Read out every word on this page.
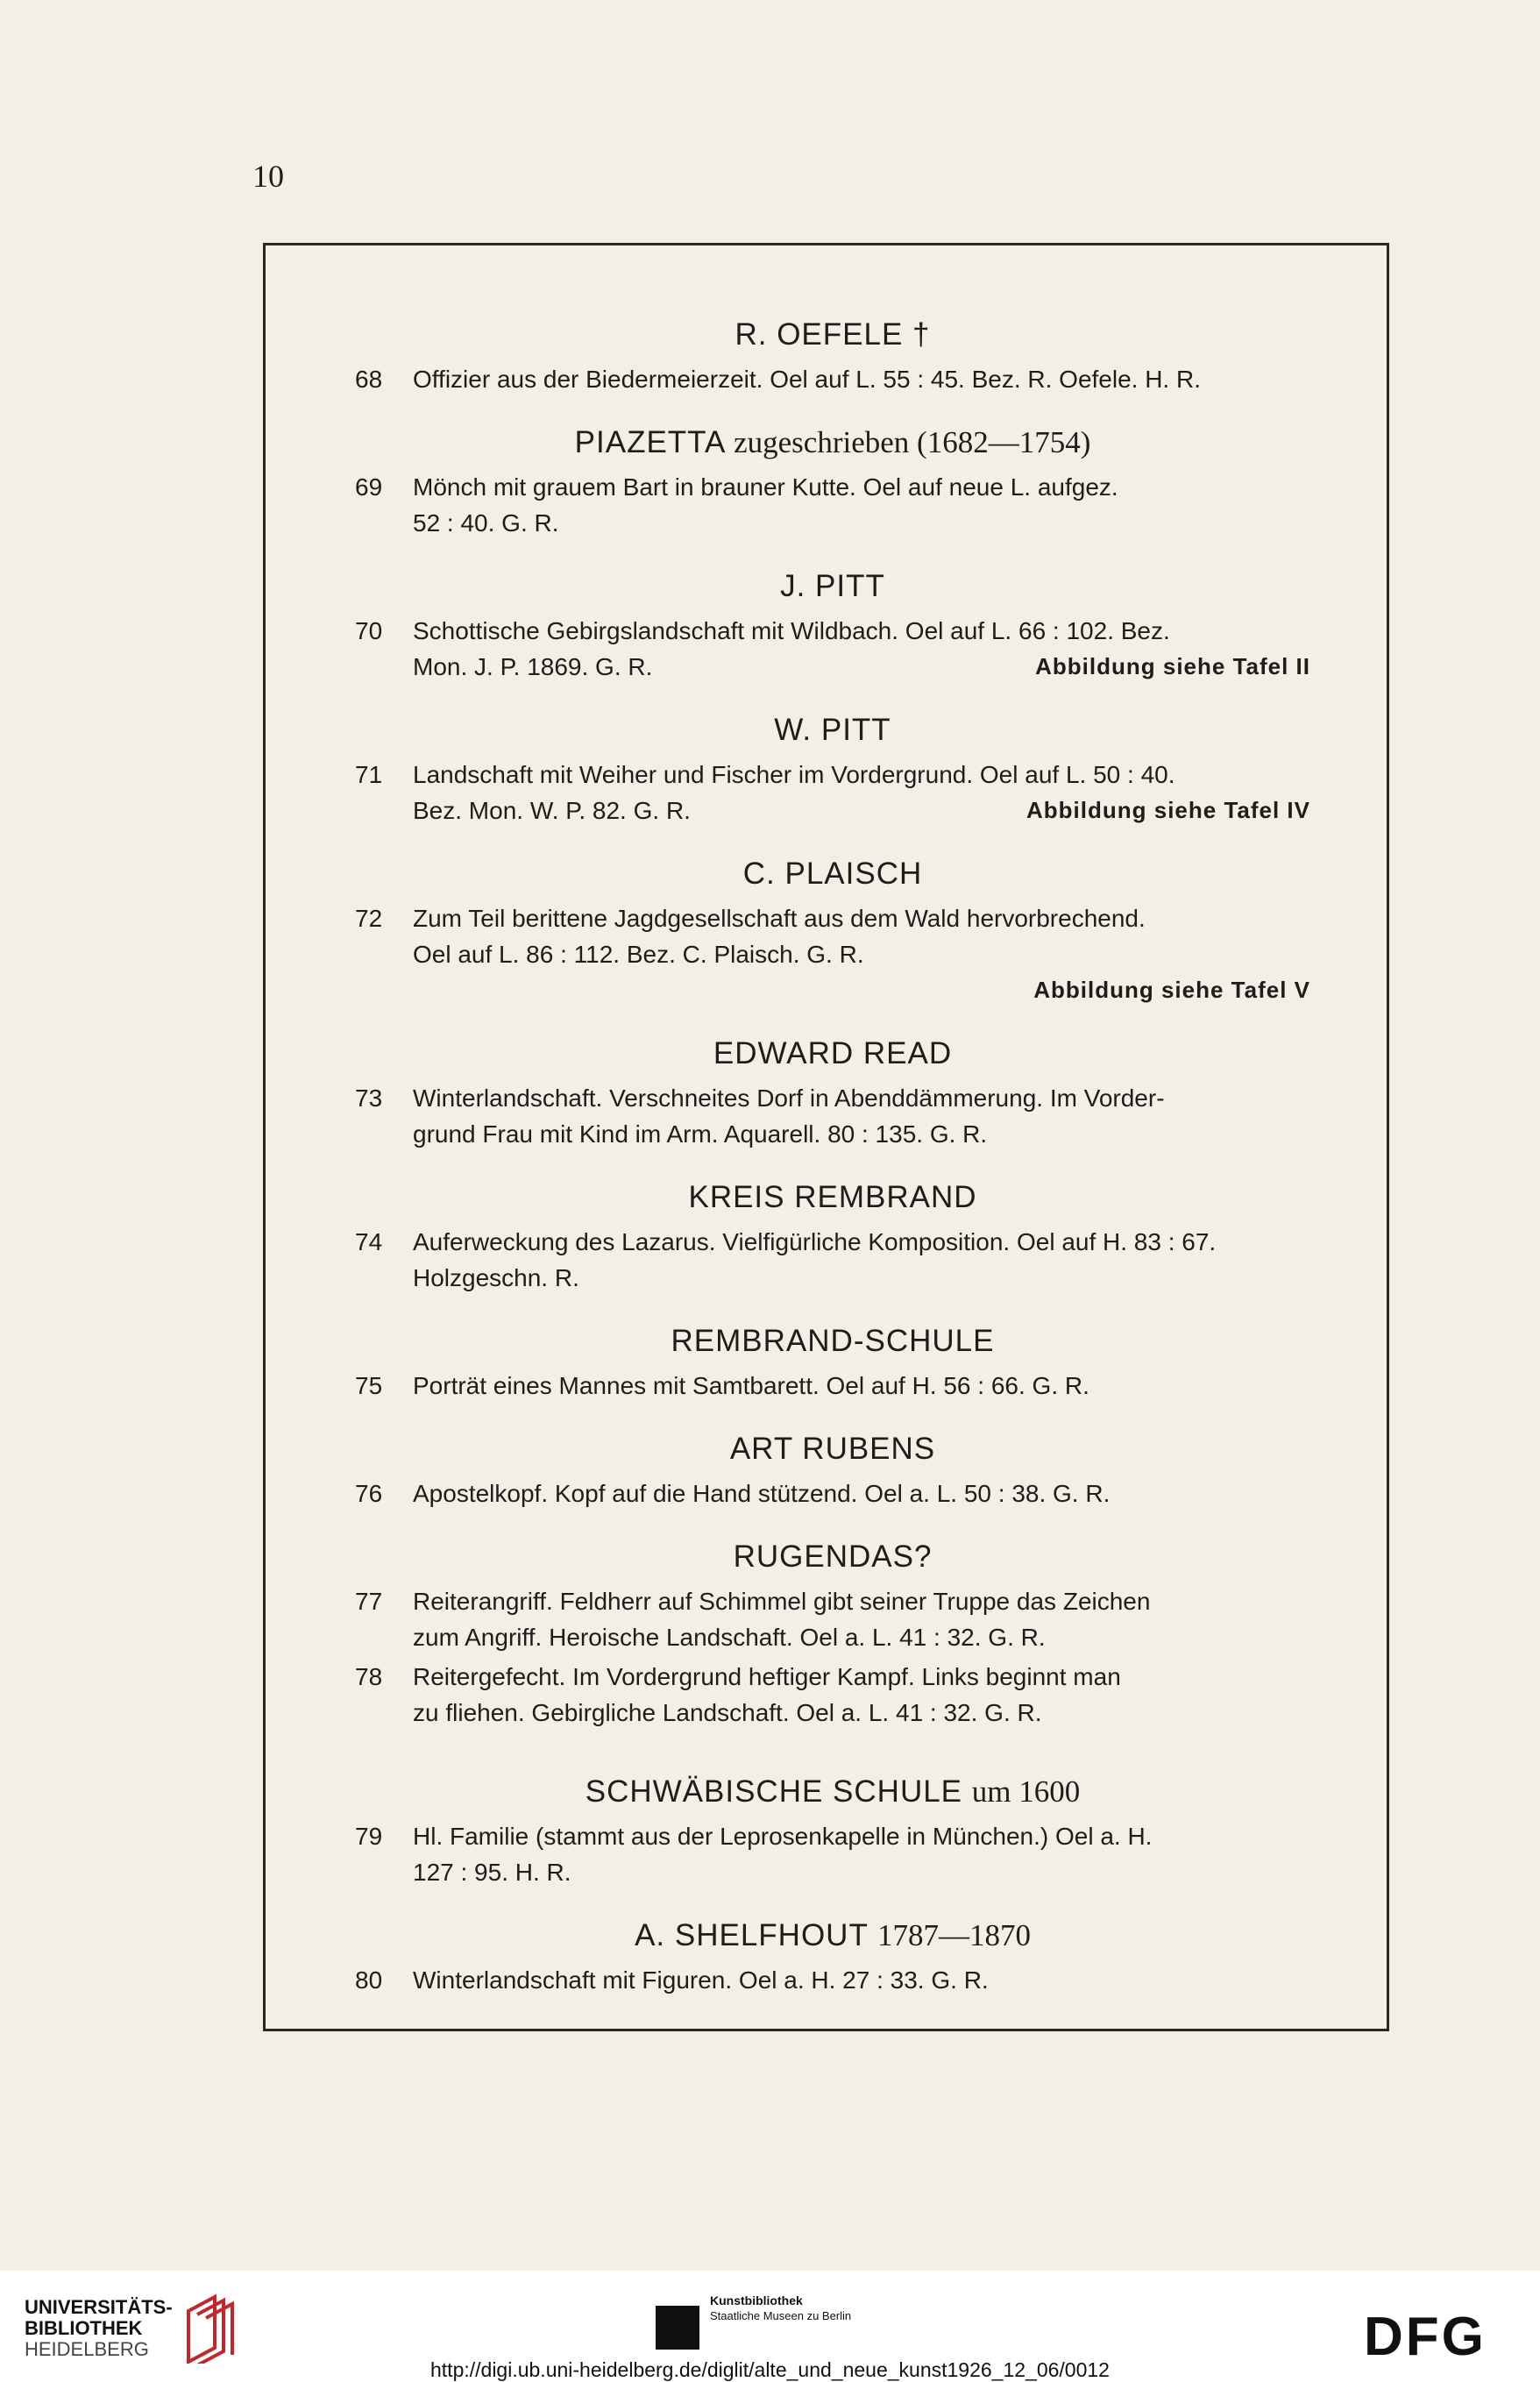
10
R. OEFELE †
68 Offizier aus der Biedermeierzeit. Oel auf L. 55 : 45. Bez. R. Oefele. H. R.
PIAZETTA zugeschrieben (1682—1754)
69 Mönch mit grauem Bart in brauner Kutte. Oel auf neue L. aufgez.
52 : 40. G. R.
J. PITT
70 Schottische Gebirgslandschaft mit Wildbach. Oel auf L. 66 : 102. Bez.
Mon. J. P. 1869. G. R.	Abbildung siehe Tafel II
W. PITT
71 Landschaft mit Weiher und Fischer im Vordergrund. Oel auf L. 50 : 40.
Bez. Mon. W. P. 82. G. R.	Abbildung siehe Tafel IV
C. PLAISCH
72 Zum Teil berittene Jagdgesellschaft aus dem Wald hervorbrechend.
Oel auf L. 86 : 112. Bez. C. Plaisch. G. R.
Abbildung siehe Tafel V
EDWARD READ
73 Winterlandschaft. Verschneites Dorf in Abenddämmerung. Im Vorder-
grund Frau mit Kind im Arm. Aquarell. 80 : 135. G. R.
KREIS REMBRAND
74 Auferweckung des Lazarus. Vielfigürliche Komposition. Oel auf H. 83 : 67.
Holzgeschn. R.
REMBRAND-SCHULE
75 Porträt eines Mannes mit Samtbarett. Oel auf H. 56 : 66. G. R.
ART RUBENS
76 Apostelkopf. Kopf auf die Hand stützend. Oel a. L. 50 : 38. G. R.
RUGENDAS?
77 Reiterangriff. Feldherr auf Schimmel gibt seiner Truppe das Zeichen
zum Angriff. Heroische Landschaft. Oel a. L. 41 : 32. G. R.
78 Reitergefecht. Im Vordergrund heftiger Kampf. Links beginnt man
zu fliehen. Gebirgliche Landschaft. Oel a. L. 41 : 32. G. R.
SCHWÄBISCHE SCHULE um 1600
79 Hl. Familie (stammt aus der Leprosenkapelle in München.) Oel a. H.
127 : 95. H. R.
A. SHELFHOUT 1787—1870
80 Winterlandschaft mit Figuren. Oel a. H. 27 : 33. G. R.
UNIVERSITÄTS-
BIBLIOTHEK
HEIDELBERG
Kunstbibliothek
Staatliche Museen zu Berlin	DFG
http://digi.ub.uni-heidelberg.de/diglit/alte_und_neue_kunst1926_12_06/0012
